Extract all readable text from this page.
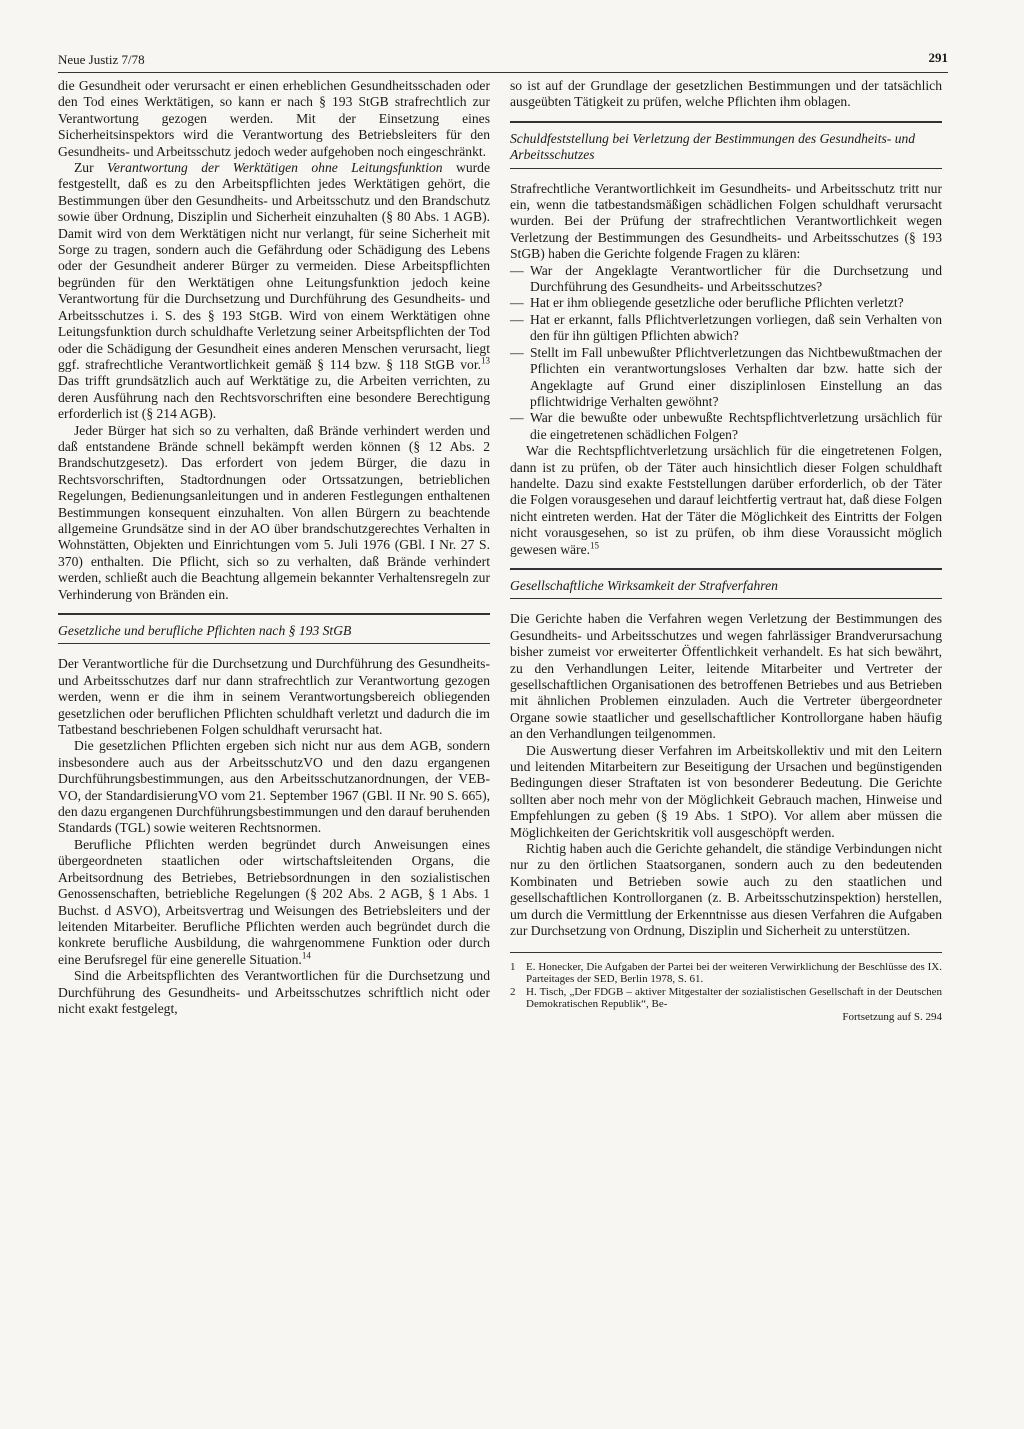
Neue Justiz 7/78	291

die Gesundheit oder verursacht er einen erheblichen Gesundheitsschaden oder den Tod eines Werktätigen, so kann er nach § 193 StGB strafrechtlich zur Verantwortung gezogen werden. Mit der Einsetzung eines Sicherheitsinspektors wird die Verantwortung des Betriebsleiters für den Gesundheits- und Arbeitsschutz jedoch weder aufgehoben noch eingeschränkt.

Zur Verantwortung der Werktätigen ohne Leitungsfunktion wurde festgestellt, daß es zu den Arbeitspflichten jedes Werktätigen gehört, die Bestimmungen über den Gesundheits- und Arbeitsschutz und den Brandschutz sowie über Ordnung, Disziplin und Sicherheit einzuhalten (§ 80 Abs. 1 AGB). Damit wird von dem Werktätigen nicht nur verlangt, für seine Sicherheit mit Sorge zu tragen, sondern auch die Gefährdung oder Schädigung des Lebens oder der Gesundheit anderer Bürger zu vermeiden. Diese Arbeitspflichten begründen für den Werktätigen ohne Leitungsfunktion jedoch keine Verantwortung für die Durchsetzung und Durchführung des Gesundheits- und Arbeitsschutzes i. S. des § 193 StGB. Wird von einem Werktätigen ohne Leitungsfunktion durch schuldhafte Verletzung seiner Arbeitspflichten der Tod oder die Schädigung der Gesundheit eines anderen Menschen verursacht, liegt ggf. strafrechtliche Verantwortlichkeit gemäß § 114 bzw. § 118 StGB vor.$^{13}$ Das trifft grundsätzlich auch auf Werktätige zu, die Arbeiten verrichten, zu deren Ausführung nach den Rechtsvorschriften eine besondere Berechtigung erforderlich ist (§ 214 AGB).

Jeder Bürger hat sich so zu verhalten, daß Brände verhindert werden und daß entstandene Brände schnell bekämpft werden können (§ 12 Abs. 2 Brandschutzgesetz). Das erfordert von jedem Bürger, die dazu in Rechtsvorschriften, Stadtordnungen oder Ortssatzungen, betrieblichen Regelungen, Bedienungsanleitungen und in anderen Festlegungen enthaltenen Bestimmungen konsequent einzuhalten. Von allen Bürgern zu beachtende allgemeine Grundsätze sind in der AO über brandschutzgerechtes Verhalten in Wohnstätten, Objekten und Einrichtungen vom 5. Juli 1976 (GBl. I Nr. 27 S. 370) enthalten. Die Pflicht, sich so zu verhalten, daß Brände verhindert werden, schließt auch die Beachtung allgemein bekannter Verhaltensregeln zur Verhinderung von Bränden ein.

Gesetzliche und berufliche Pflichten nach § 193 StGB

Der Verantwortliche für die Durchsetzung und Durchführung des Gesundheits- und Arbeitsschutzes darf nur dann strafrechtlich zur Verantwortung gezogen werden, wenn er die ihm in seinem Verantwortungsbereich obliegenden gesetzlichen oder beruflichen Pflichten schuldhaft verletzt und dadurch die im Tatbestand beschriebenen Folgen schuldhaft verursacht hat.

Die gesetzlichen Pflichten ergeben sich nicht nur aus dem AGB, sondern insbesondere auch aus der ArbeitsschutzVO und den dazu ergangenen Durchführungsbestimmungen, aus den Arbeitsschutzanordnungen, der VEB-VO, der StandardisierungVO vom 21. September 1967 (GBl. II Nr. 90 S. 665), den dazu ergangenen Durchführungsbestimmungen und den darauf beruhenden Standards (TGL) sowie weiteren Rechtsnormen.

Berufliche Pflichten werden begründet durch Anweisungen eines übergeordneten staatlichen oder wirtschaftsleitenden Organs, die Arbeitsordnung des Betriebes, Betriebsordnungen in den sozialistischen Genossenschaften, betriebliche Regelungen (§ 202 Abs. 2 AGB, § 1 Abs. 1 Buchst. d ASVO), Arbeitsvertrag und Weisungen des Betriebsleiters und der leitenden Mitarbeiter. Berufliche Pflichten werden auch begründet durch die konkrete berufliche Ausbildung, die wahrgenommene Funktion oder durch eine Berufsregel für eine generelle Situation.$^{14}$

Sind die Arbeitspflichten des Verantwortlichen für die Durchsetzung und Durchführung des Gesundheits- und Arbeitsschutzes schriftlich nicht oder nicht exakt festgelegt,

so ist auf der Grundlage der gesetzlichen Bestimmungen und der tatsächlich ausgeübten Tätigkeit zu prüfen, welche Pflichten ihm oblagen.

Schuldfeststellung bei Verletzung der Bestimmungen des Gesundheits- und Arbeitsschutzes

Strafrechtliche Verantwortlichkeit im Gesundheits- und Arbeitsschutz tritt nur ein, wenn die tatbestandsmäßigen schädlichen Folgen schuldhaft verursacht wurden. Bei der Prüfung der strafrechtlichen Verantwortlichkeit wegen Verletzung der Bestimmungen des Gesundheits- und Arbeitsschutzes (§ 193 StGB) haben die Gerichte folgende Fragen zu klären:

— War der Angeklagte Verantwortlicher für die Durchsetzung und Durchführung des Gesundheits- und Arbeitsschutzes?
— Hat er ihm obliegende gesetzliche oder berufliche Pflichten verletzt?
— Hat er erkannt, falls Pflichtverletzungen vorliegen, daß sein Verhalten von den für ihn gültigen Pflichten abwich?
— Stellt im Fall unbewußter Pflichtverletzungen das Nichtbewußtmachen der Pflichten ein verantwortungsloses Verhalten dar bzw. hatte sich der Angeklagte auf Grund einer disziplinlosen Einstellung an das pflichtwidrige Verhalten gewöhnt?
— War die bewußte oder unbewußte Rechtspflichtverletzung ursächlich für die eingetretenen schädlichen Folgen?

War die Rechtspflichtverletzung ursächlich für die eingetretenen Folgen, dann ist zu prüfen, ob der Täter auch hinsichtlich dieser Folgen schuldhaft handelte. Dazu sind exakte Feststellungen darüber erforderlich, ob der Täter die Folgen vorausgesehen und darauf leichtfertig vertraut hat, daß diese Folgen nicht eintreten werden. Hat der Täter die Möglichkeit des Eintritts der Folgen nicht vorausgesehen, so ist zu prüfen, ob ihm diese Voraussicht möglich gewesen wäre.$^{15}$

Gesellschaftliche Wirksamkeit der Strafverfahren

Die Gerichte haben die Verfahren wegen Verletzung der Bestimmungen des Gesundheits- und Arbeitsschutzes und wegen fahrlässiger Brandverursachung bisher zumeist vor erweiterter Öffentlichkeit verhandelt. Es hat sich bewährt, zu den Verhandlungen Leiter, leitende Mitarbeiter und Vertreter der gesellschaftlichen Organisationen des betroffenen Betriebes und aus Betrieben mit ähnlichen Problemen einzuladen. Auch die Vertreter übergeordneter Organe sowie staatlicher und gesellschaftlicher Kontrollorgane haben häufig an den Verhandlungen teilgenommen.

Die Auswertung dieser Verfahren im Arbeitskollektiv und mit den Leitern und leitenden Mitarbeitern zur Beseitigung der Ursachen und begünstigenden Bedingungen dieser Straftaten ist von besonderer Bedeutung. Die Gerichte sollten aber noch mehr von der Möglichkeit Gebrauch machen, Hinweise und Empfehlungen zu geben (§ 19 Abs. 1 StPO). Vor allem aber müssen die Möglichkeiten der Gerichtskritik voll ausgeschöpft werden.

Richtig haben auch die Gerichte gehandelt, die ständige Verbindungen nicht nur zu den örtlichen Staatsorganen, sondern auch zu den bedeutenden Kombinaten und Betrieben sowie auch zu den staatlichen und gesellschaftlichen Kontrollorganen (z. B. Arbeitsschutzinspektion) herstellen, um durch die Vermittlung der Erkenntnisse aus diesen Verfahren die Aufgaben zur Durchsetzung von Ordnung, Disziplin und Sicherheit zu unterstützen.

1 E. Honecker, Die Aufgaben der Partei bei der weiteren Verwirklichung der Beschlüsse des IX. Parteitages der SED, Berlin 1978, S. 61.
2 H. Tisch, „Der FDGB – aktiver Mitgestalter der sozialistischen Gesellschaft in der Deutschen Demokratischen Republik“, Be-
Fortsetzung auf S. 294
